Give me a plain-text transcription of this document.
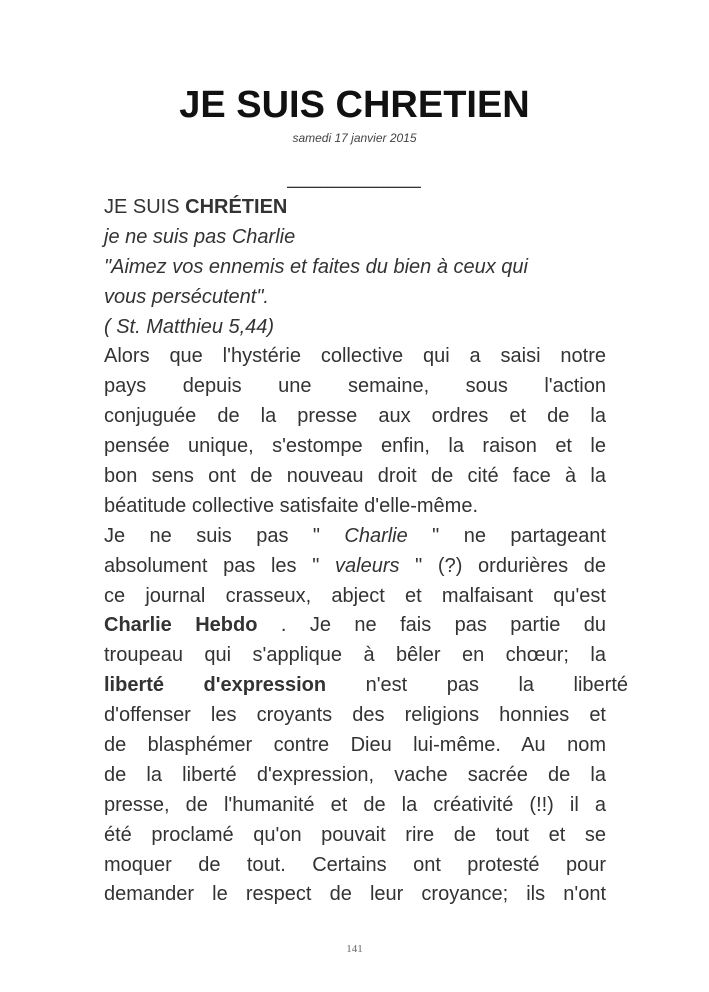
JE SUIS CHRETIEN
samedi 17 janvier 2015
____________
JE SUIS CHRÉTIEN
je ne suis pas Charlie
"Aimez vos ennemis et faites du bien à ceux qui
vous persécutent".
( St. Matthieu 5,44)
Alors que l'hystérie collective qui a saisi notre
pays depuis une semaine, sous l'action
conjuguée de la presse aux ordres et de la
pensée unique, s'estompe enfin, la raison et le
bon sens ont de nouveau droit de cité face à la
béatitude collective satisfaite d'elle-même.
Je ne suis pas " Charlie " ne partageant
absolument pas les " valeurs " (?) ordurières de
ce journal crasseux, abject et malfaisant qu'est
Charlie Hebdo . Je ne fais pas partie du
troupeau qui s'applique à bêler en chœur; la
liberté d'expression n'est pas la liberté
d'offenser les croyants des religions honnies et
de blasphémer contre Dieu lui-même. Au nom
de la liberté d'expression, vache sacrée de la
presse, de l'humanité et de la créativité (!!) il a
été proclamé qu'on pouvait rire de tout et se
moquer de tout. Certains ont protesté pour
demander le respect de leur croyance; ils n'ont
141
